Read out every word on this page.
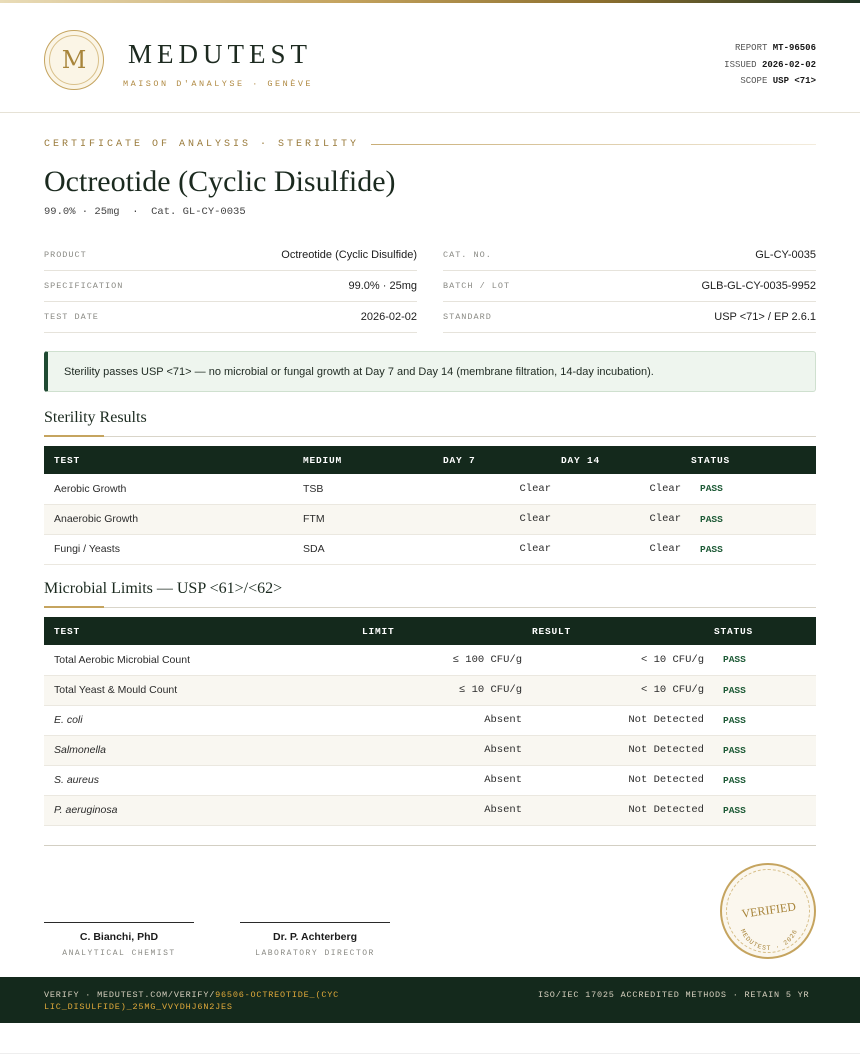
M	MEDUTEST
MAISON D'ANALYSE · GENÈVE
REPORT MT-96506
ISSUED 2026-02-02
SCOPE USP <71>
CERTIFICATE OF ANALYSIS · STERILITY
Octreotide (Cyclic Disulfide)
99.0% · 25mg  ·  Cat. GL-CY-0035
PRODUCT	Octreotide (Cyclic Disulfide)
SPECIFICATION	99.0% · 25mg
TEST DATE	2026-02-02
CAT. NO.	GL-CY-0035
BATCH / LOT	GLB-GL-CY-0035-9952
STANDARD	USP <71> / EP 2.6.1
Sterility passes USP <71> — no microbial or fungal growth at Day 7 and Day 14 (membrane filtration, 14-day incubation).
Sterility Results
TEST	MEDIUM	DAY 7	DAY 14	STATUS
Aerobic Growth	TSB	Clear	Clear	PASS
Anaerobic Growth	FTM	Clear	Clear	PASS
Fungi / Yeasts	SDA	Clear	Clear	PASS
Microbial Limits — USP <61>/<62>
TEST	LIMIT	RESULT	STATUS
Total Aerobic Microbial Count	≤ 100 CFU/g	< 10 CFU/g	PASS
Total Yeast & Mould Count	≤ 10 CFU/g	< 10 CFU/g	PASS
E. coli	Absent	Not Detected	PASS
Salmonella	Absent	Not Detected	PASS
S. aureus	Absent	Not Detected	PASS
P. aeruginosa	Absent	Not Detected	PASS
C. Bianchi, PhD
ANALYTICAL CHEMIST
Dr. P. Achterberg
LABORATORY DIRECTOR
VERIFIED
MEDUTEST · 2026
VERIFY · MEDUTEST.COM/VERIFY/96506-OCTREOTIDE_(CYCLIC_DISULFIDE)_25MG_VVYDHJ6N2JES
ISO/IEC 17025 ACCREDITED METHODS · RETAIN 5 YR
